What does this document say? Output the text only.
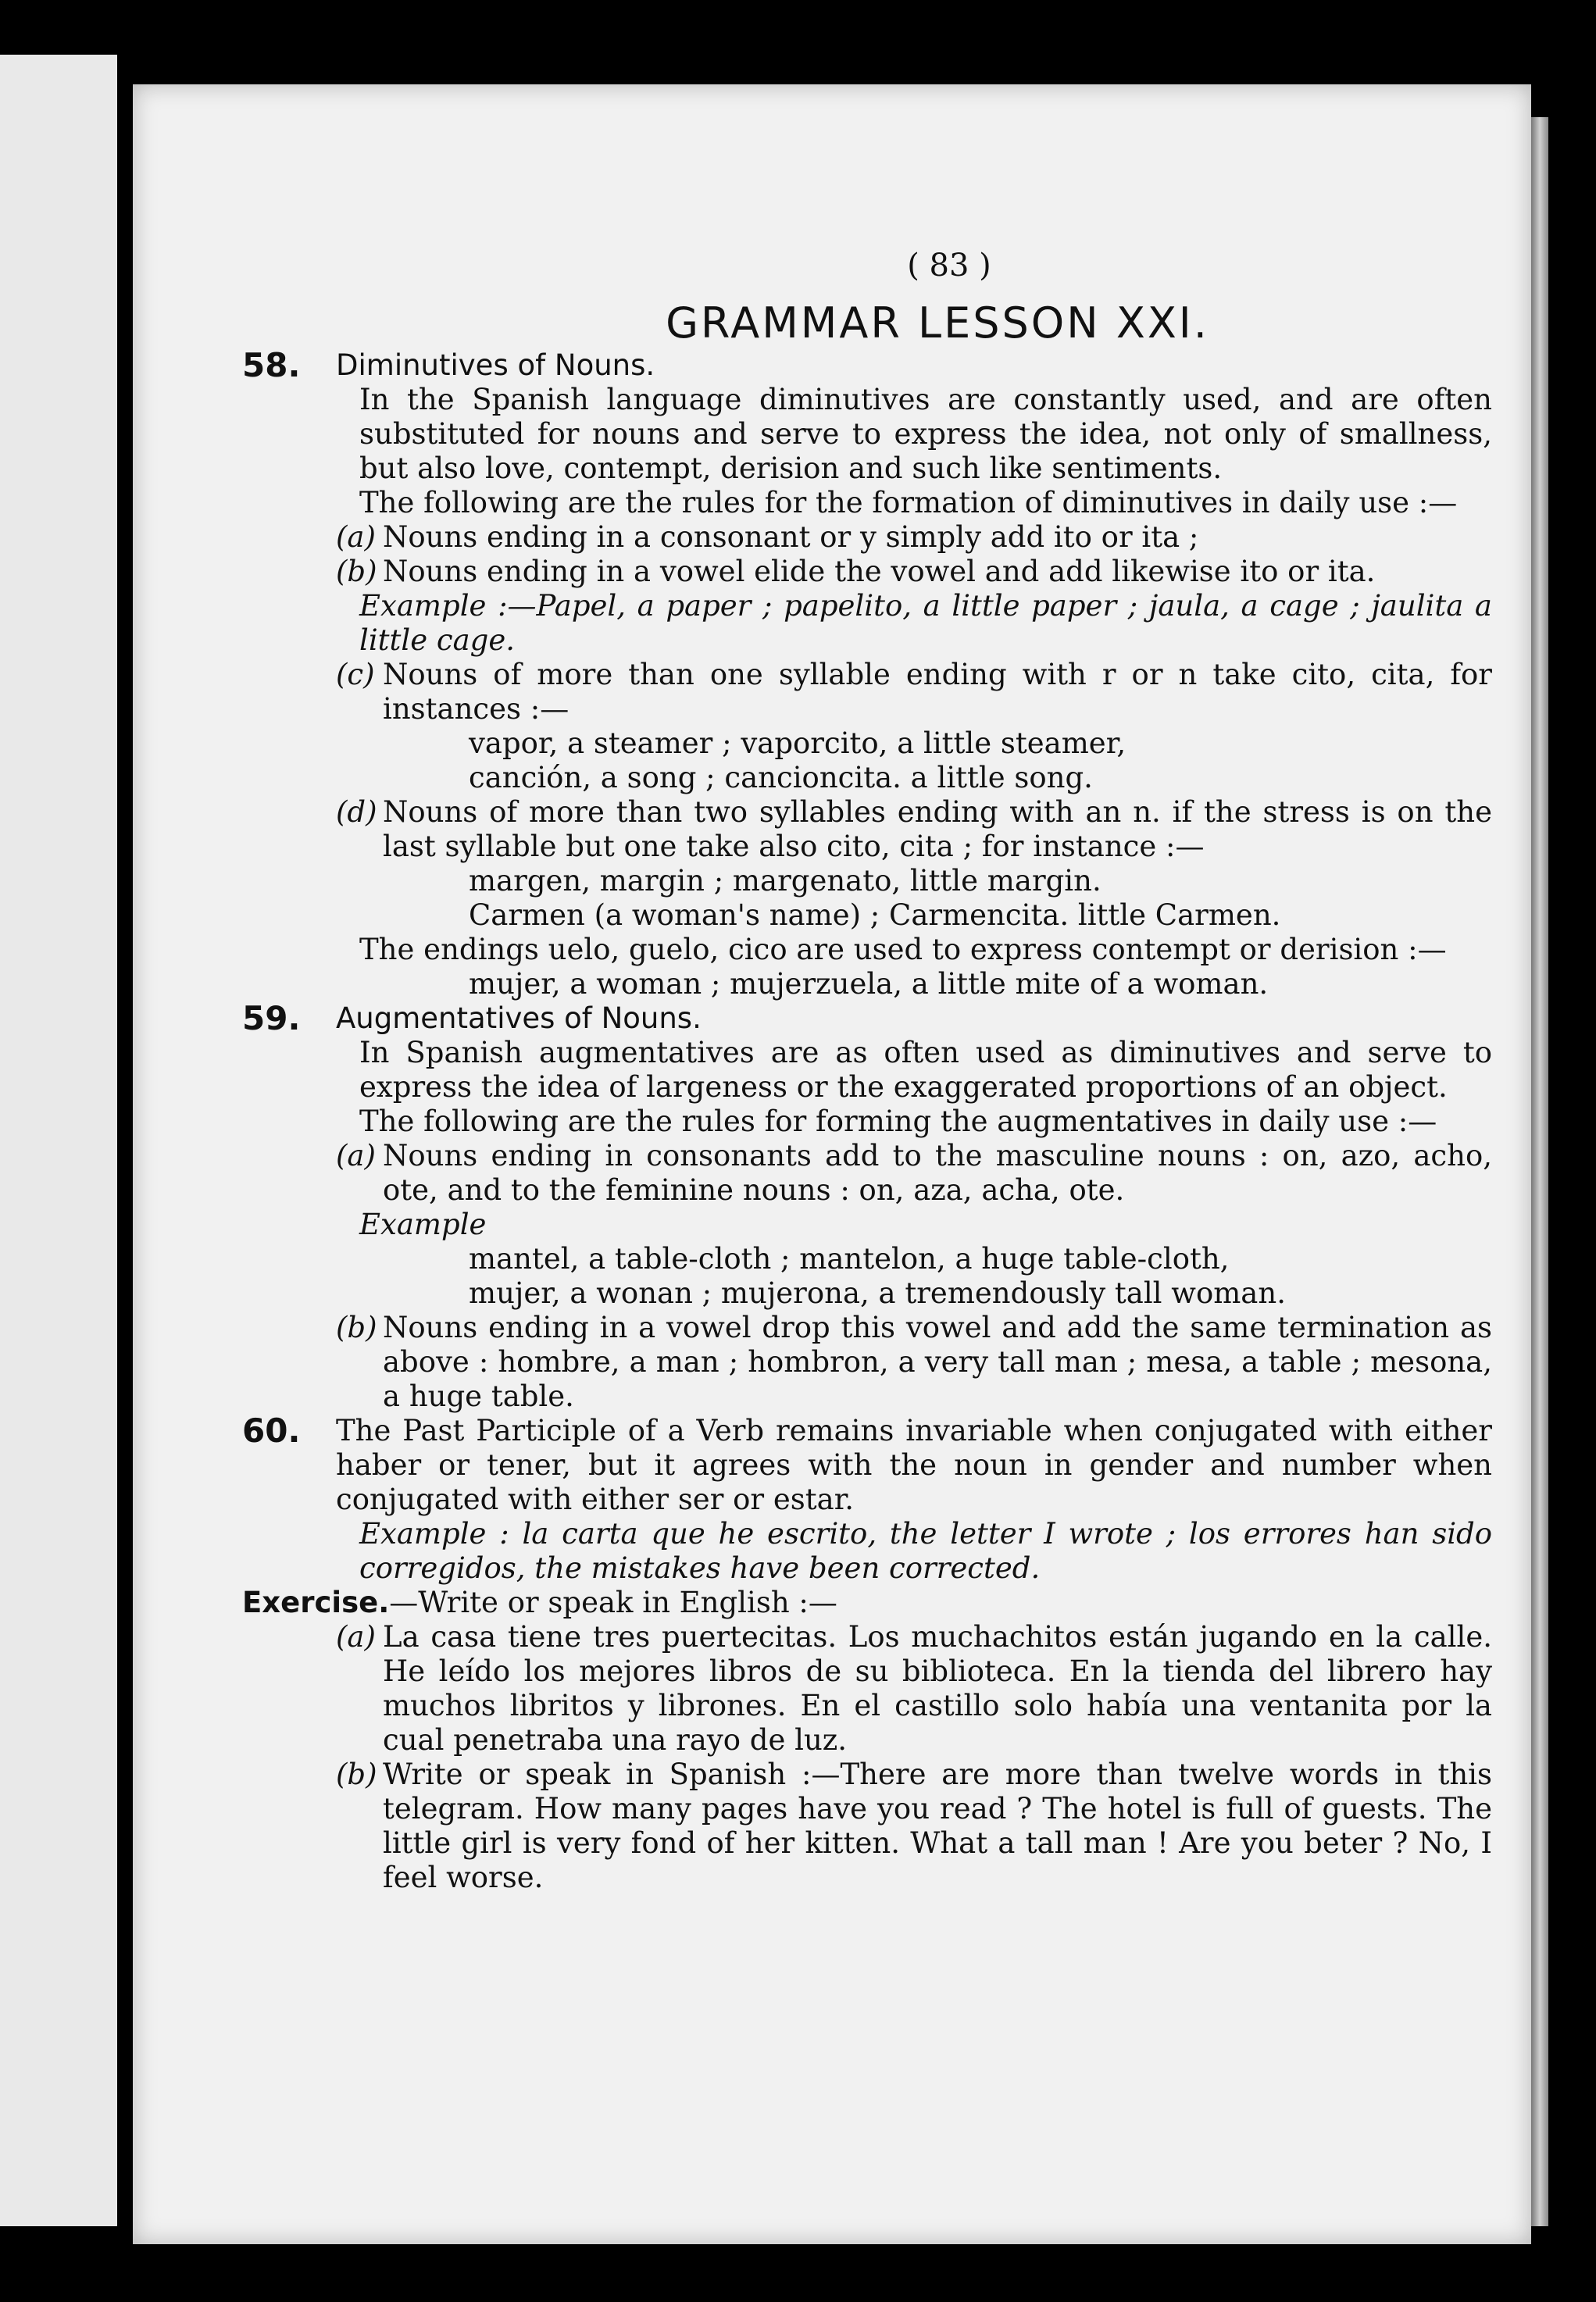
( 83 )
GRAMMAR LESSON XXI.
58. Diminutives of Nouns.

In the Spanish language diminutives are constantly used, and are often substituted for nouns and serve to express the idea, not only of smallness, but also love, contempt, derision and such like sentiments.

The following are the rules for the formation of diminutives in daily use :—

(a) Nouns ending in a consonant or y simply add ito or ita ;

(b) Nouns ending in a vowel elide the vowel and add likewise ito or ita.

Example :—Papel, a paper ; papelito, a little paper ; jaula, a cage ; jaulita a little cage.

(c) Nouns of more than one syllable ending with r or n take cito, cita, for instances :—

vapor, a steamer ; vaporcito, a little steamer,

canción, a song ; cancioncita. a little song.

(d) Nouns of more than two syllables ending with an n. if the stress is on the last syllable but one take also cito, cita ; for instance :—

margen, margin ; margenato, little margin.

Carmen (a woman's name) ; Carmencita. little Carmen.

The endings uelo, guelo, cico are used to express contempt or derision :—

mujer, a woman ; mujerzuela, a little mite of a woman.

59. Augmentatives of Nouns.

In Spanish augmentatives are as often used as diminutives and serve to express the idea of largeness or the exaggerated proportions of an object.

The following are the rules for forming the augmentatives in daily use :—

(a) Nouns ending in consonants add to the masculine nouns : on, azo, acho, ote, and to the feminine nouns : on, aza, acha, ote.

Example

mantel, a table-cloth ; mantelon, a huge table-cloth,

mujer, a wonan ; mujerona, a tremendously tall woman.

(b) Nouns ending in a vowel drop this vowel and add the same termination as above : hombre, a man ; hombron, a very tall man ; mesa, a table ; mesona, a huge table.

60. The Past Participle of a Verb remains invariable when conjugated with either haber or tener, but it agrees with the noun in gender and number when conjugated with either ser or estar.

Example : la carta que he escrito, the letter I wrote ; los errores han sido corregidos, the mistakes have been corrected.

Exercise.—Write or speak in English :—

(a) La casa tiene tres puertecitas. Los muchachitos están jugando en la calle. He leído los mejores libros de su biblioteca. En la tienda del librero hay muchos libritos y librones. En el castillo solo había una ventanita por la cual penetraba una rayo de luz.

(b) Write or speak in Spanish :—There are more than twelve words in this telegram. How many pages have you read ? The hotel is full of guests. The little girl is very fond of her kitten. What a tall man ! Are you beter ? No, I feel worse.
